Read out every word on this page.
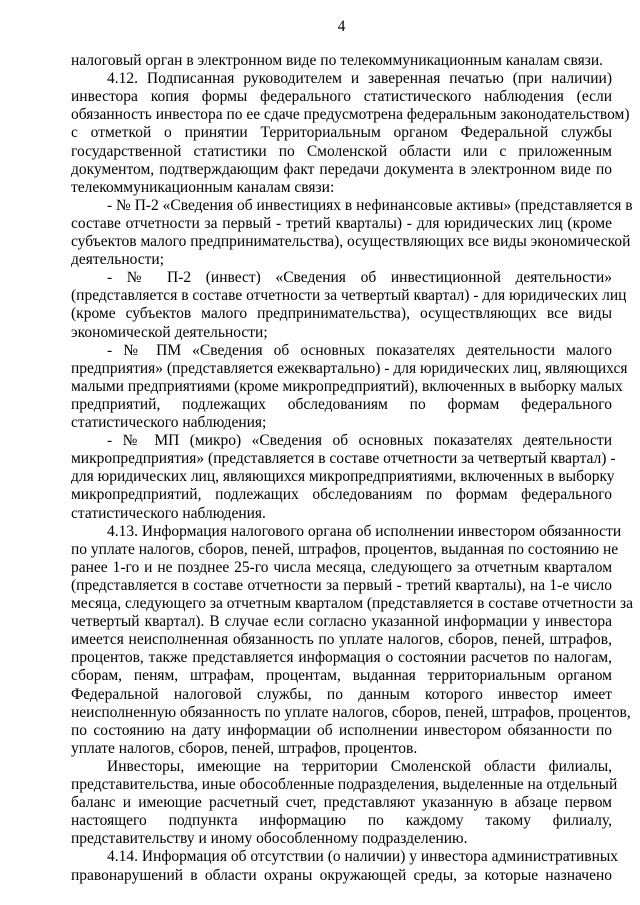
4
налоговый орган в электронном виде по телекоммуникационным каналам связи.
4.12. Подписанная руководителем и заверенная печатью (при наличии)
инвестора копия формы федерального статистического наблюдения (если
обязанность инвестора по ее сдаче предусмотрена федеральным законодательством)
с отметкой о принятии Территориальным органом Федеральной службы
государственной статистики по Смоленской области или с приложенным
документом, подтверждающим факт передачи документа в электронном виде по
телекоммуникационным каналам связи:
- № П-2 «Сведения об инвестициях в нефинансовые активы» (представляется в
составе отчетности за первый - третий кварталы) - для юридических лиц (кроме
субъектов малого предпринимательства), осуществляющих все виды экономической
деятельности;
- № П-2 (инвест) «Сведения об инвестиционной деятельности»
(представляется в составе отчетности за четвертый квартал) - для юридических лиц
(кроме субъектов малого предпринимательства), осуществляющих все виды
экономической деятельности;
- № ПМ «Сведения об основных показателях деятельности малого
предприятия» (представляется ежеквартально) - для юридических лиц, являющихся
малыми предприятиями (кроме микропредприятий), включенных в выборку малых
предприятий, подлежащих обследованиям по формам федерального
статистического наблюдения;
- № МП (микро) «Сведения об основных показателях деятельности
микропредприятия» (представляется в составе отчетности за четвертый квартал) -
для юридических лиц, являющихся микропредприятиями, включенных в выборку
микропредприятий, подлежащих обследованиям по формам федерального
статистического наблюдения.
4.13. Информация налогового органа об исполнении инвестором обязанности
по уплате налогов, сборов, пеней, штрафов, процентов, выданная по состоянию не
ранее 1-го и не позднее 25-го числа месяца, следующего за отчетным кварталом
(представляется в составе отчетности за первый - третий кварталы), на 1-е число
месяца, следующего за отчетным кварталом (представляется в составе отчетности за
четвертый квартал). В случае если согласно указанной информации у инвестора
имеется неисполненная обязанность по уплате налогов, сборов, пеней, штрафов,
процентов, также представляется информация о состоянии расчетов по налогам,
сборам, пеням, штрафам, процентам, выданная территориальным органом
Федеральной налоговой службы, по данным которого инвестор имеет
неисполненную обязанность по уплате налогов, сборов, пеней, штрафов, процентов,
по состоянию на дату информации об исполнении инвестором обязанности по
уплате налогов, сборов, пеней, штрафов, процентов.
Инвесторы, имеющие на территории Смоленской области филиалы,
представительства, иные обособленные подразделения, выделенные на отдельный
баланс и имеющие расчетный счет, представляют указанную в абзаце первом
настоящего подпункта информацию по каждому такому филиалу,
представительству и иному обособленному подразделению.
4.14. Информация об отсутствии (о наличии) у инвестора административных
правонарушений в области охраны окружающей среды, за которые назначено
